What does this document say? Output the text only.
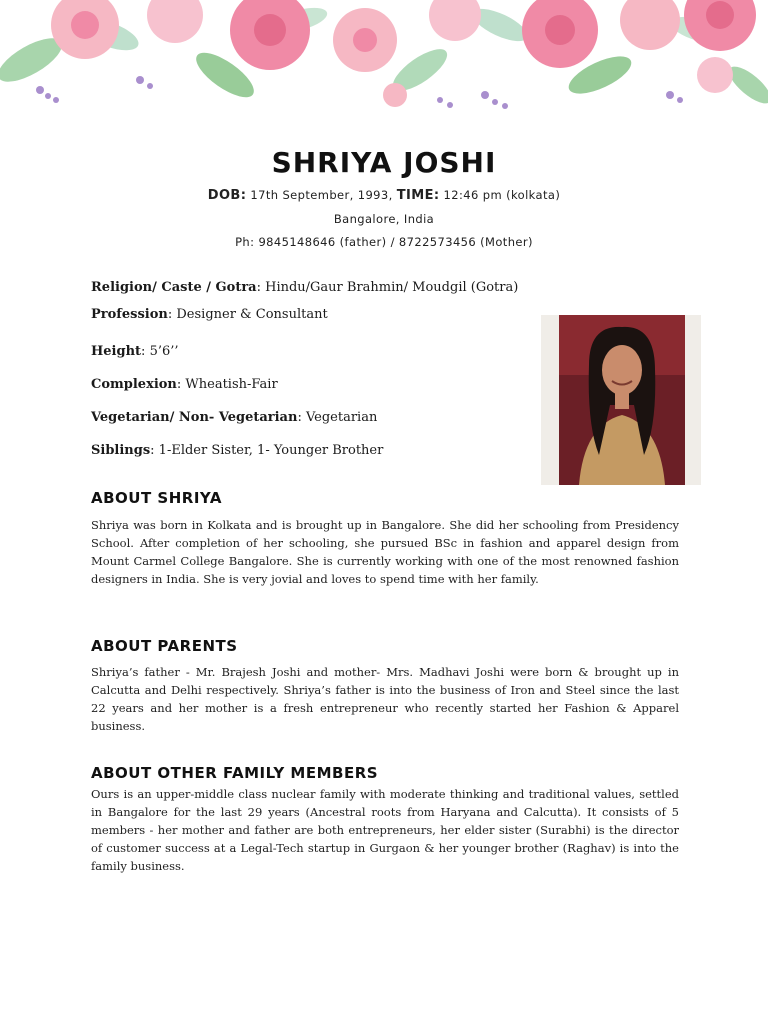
SHRIYA JOSHI
DOB: 17th September, 1993, TIME: 12:46 pm (kolkata)
Bangalore, India
Ph: 9845148646 (father) / 8722573456 (Mother)
Religion/ Caste / Gotra: Hindu/Gaur Brahmin/ Moudgil (Gotra)
Profession: Designer & Consultant
Height: 5’6’’
Complexion: Wheatish-Fair
Vegetarian/ Non- Vegetarian: Vegetarian
Siblings: 1-Elder Sister, 1- Younger Brother
ABOUT SHRIYA

Shriya was born in Kolkata and is brought up in Bangalore. She did her schooling from Presidency School. After completion of her schooling, she pursued BSc in fashion and apparel design from Mount Carmel College Bangalore. She is currently working with one of the most renowned fashion designers in India. She is very jovial and loves to spend time with her family.

ABOUT PARENTS

Shriya’s father - Mr. Brajesh Joshi and mother- Mrs. Madhavi Joshi were born & brought up in Calcutta and Delhi respectively. Shriya’s father is into the business of Iron and Steel since the last 22 years and her mother is a fresh entrepreneur who recently started her Fashion & Apparel business.

ABOUT OTHER FAMILY MEMBERS

Ours is an upper-middle class nuclear family with moderate thinking and traditional values, settled in Bangalore for the last 29 years (Ancestral roots from Haryana and Calcutta). It consists of 5 members - her mother and father are both entrepreneurs, her elder sister (Surabhi) is the director of customer success at a Legal-Tech startup in Gurgaon & her younger brother (Raghav) is into the family business.
